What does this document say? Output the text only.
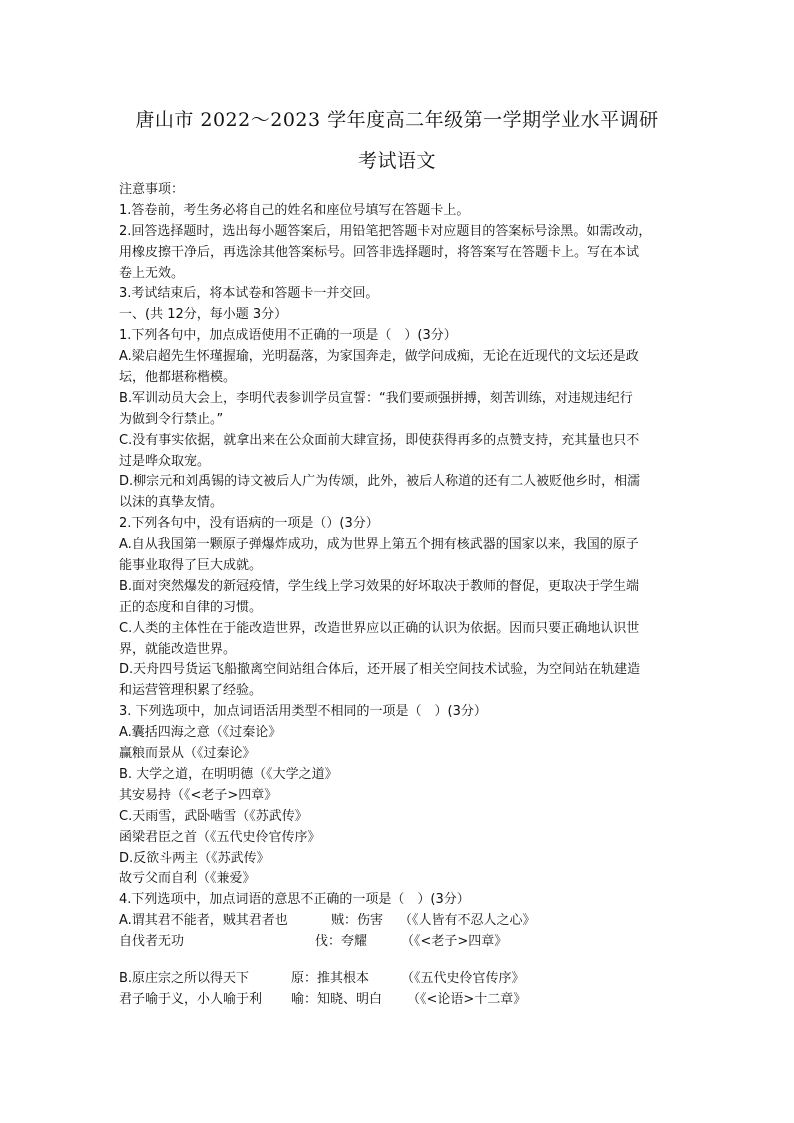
唐山市 2022～2023 学年度高二年级第一学期学业水平调研
考试语文
注意事项：
1.答卷前，考生务必将自己的姓名和座位号填写在答题卡上。
2.回答选择题时，选出每小题答案后，用铅笔把答题卡对应题目的答案标号涂黑。如需改动，
用橡皮擦干净后，再选涂其他答案标号。回答非选择题时，将答案写在答题卡上。写在本试
卷上无效。
3.考试结束后，将本试卷和答题卡一并交回。
一、(共 12分，每小题 3分）
1.下列各句中，加点成语使用不正确的一项是（　）(3分）
A.梁启超先生怀瑾握瑜，光明磊落，为家国奔走，做学问成痴，无论在近现代的文坛还是政
坛，他都堪称楷模。
B.军训动员大会上，李明代表参训学员宣誓：“我们要顽强拼搏，刻苦训练，对违规违纪行
为做到令行禁止。”
C.没有事实依据，就拿出来在公众面前大肆宣扬，即使获得再多的点赞支持，充其量也只不
过是哗众取宠。
D.柳宗元和刘禹锡的诗文被后人广为传颂，此外，被后人称道的还有二人被贬他乡时，相濡
以沫的真挚友情。
2.下列各句中，没有语病的一项是（）(3分）
A.自从我国第一颗原子弹爆炸成功，成为世界上第五个拥有核武器的国家以来，我国的原子
能事业取得了巨大成就。
B.面对突然爆发的新冠疫情，学生线上学习效果的好坏取决于教师的督促，更取决于学生端
正的态度和自律的习惯。
C.人类的主体性在于能改造世界，改造世界应以正确的认识为依据。因而只要正确地认识世
界，就能改造世界。
D.天舟四号货运飞船撤离空间站组合体后，还开展了相关空间技术试验，为空间站在轨建造
和运营管理积累了经验。
3. 下列选项中，加点词语活用类型不相同的一项是（　）(3分）
A.囊括四海之意（《过秦论》
赢粮而景从（《过秦论》
B. 大学之道，在明明德（《大学之道》
其安易持（《<老子>四章》
C.天雨雪，武卧啮雪（《苏武传》
函梁君臣之首（《五代史伶官传序》
D.反欲斗两主（《苏武传》
故亏父而自利（《兼爱》
4.下列选项中，加点词语的意思不正确的一项是（　）(3分）
A.谓其君不能者，贼其君者也	贼：伤害 （《人皆有不忍人之心》
自伐者无功	伐：夸耀	（《<老子>四章》
B.原庄宗之所以得天下	原：推其根本 （《五代史伶官传序》
君子喻于义，小人喻于利 喻：知晓、明白 （《<论语>十二章》
